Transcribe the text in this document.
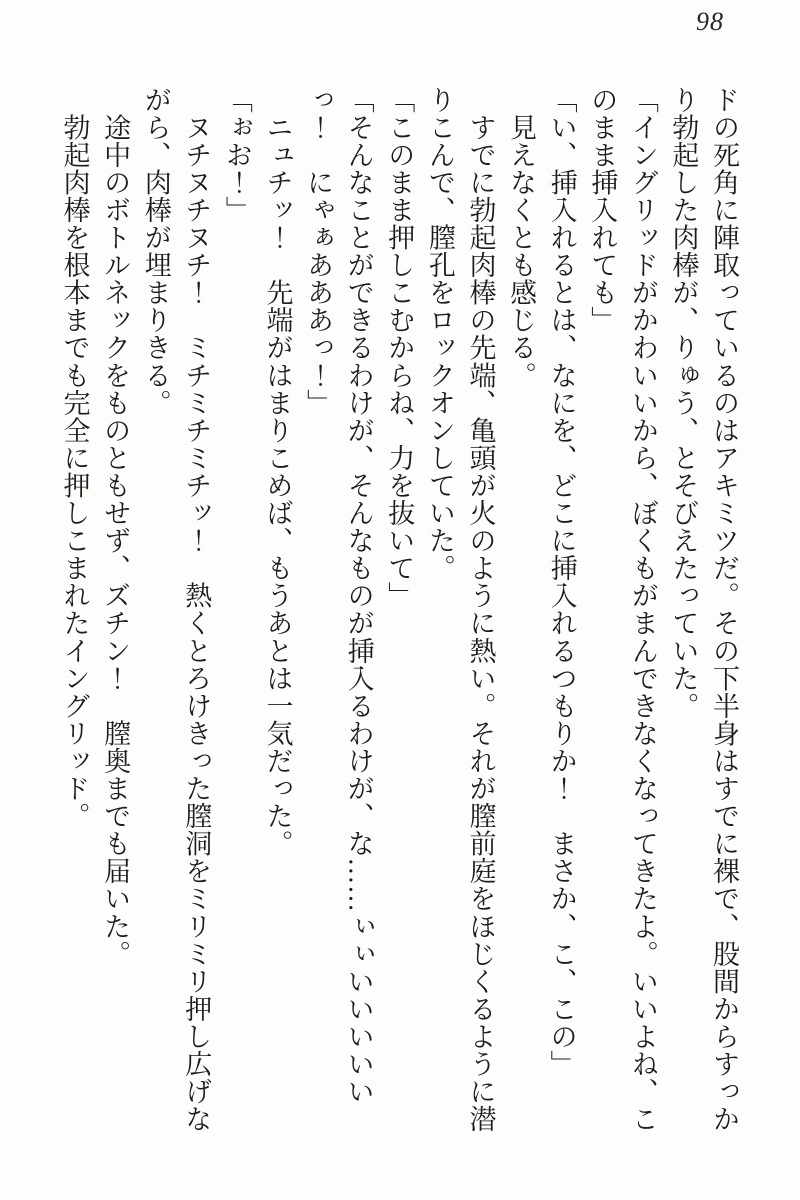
98

ドの死角に陣取っているのはアキミツだ。その下半身はすでに裸で、股間からすっかり勃起した肉棒が、りゅう、とそびえたっていた。

「イングリッドがかわいいから、ぼくもがまんできなくなってきたよ。いいよね、このまま挿入れても」

「い、挿入れるとは、なにを、どこに挿入れるつもりか！　まさか、こ、この」

　見えなくとも感じる。

　すでに勃起肉棒の先端、亀頭が火のように熱い。それが膣前庭をほじくるように潜りこんで、膣孔をロックオンしていた。

「このまま押しこむからね、力を抜いて」

「そんなことができるわけが、そんなものが挿入るわけが、な……ぃぃいいいいいっ！　にゃぁあああっ！」

　ニュチッ！　先端がはまりこめば、もうあとは一気だった。

「ぉお！」

　ヌチヌチヌチ！　ミチミチミチッ！　熱くとろけきった膣洞をミリミリ押し広げながら、肉棒が埋まりきる。

　途中のボトルネックをものともせず、ズチン！　膣奥までも届いた。

　勃起肉棒を根本までも完全に押しこまれたイングリッド。
